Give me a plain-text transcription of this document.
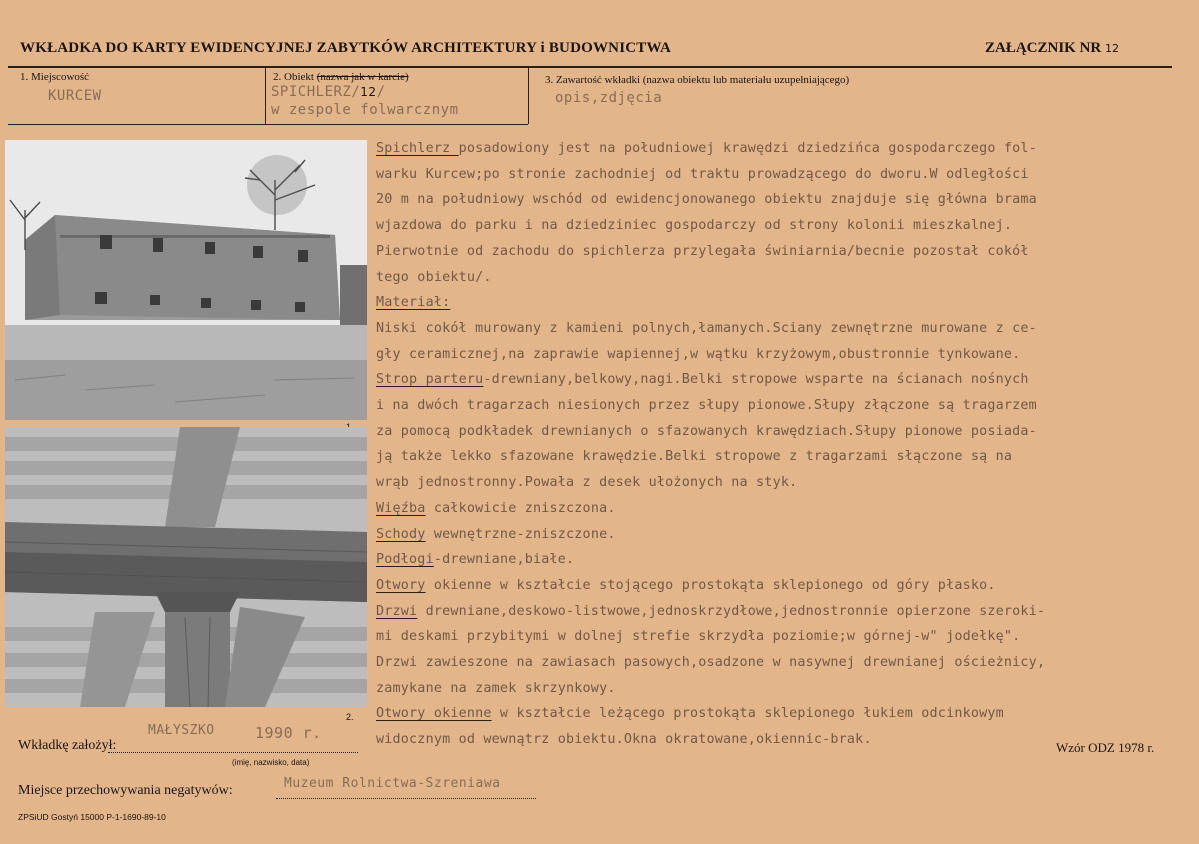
WKŁADKA DO KARTY EWIDENCYJNEJ ZABYTKÓW ARCHITEKTURY i BUDOWNICTWA	ZAŁĄCZNIK NR 12
1. Miejscowość
KURCEW
2. Obiekt (nazwa jak w karcie)
SPICHLERZ/12/
w zespole folwarcznym
3. Zawartość wkładki (nazwa obiektu lub materiału uzupełniającego)
opis,zdjęcia
2.
Spichlerz posadowiony jest na południowej krawędzi dziedzińca gospodarczego fol-
warku Kurcew;po stronie zachodniej od traktu prowadzącego do dworu.W odległości
20 m na południowy wschód od ewidencjonowanego obiektu znajduje się główna brama
wjazdowa do parku i na dziedziniec gospodarczy od strony kolonii mieszkalnej.
Pierwotnie od zachodu do spichlerza przylegała świniarnia/becnie pozostał cokół
tego obiektu/.
Materiał:
Niski cokół murowany z kamieni polnych,łamanych.Sciany zewnętrzne murowane z ce-
gły ceramicznej,na zaprawie wapiennej,w wątku krzyżowym,obustronnie tynkowane.
Strop parteru-drewniany,belkowy,nagi.Belki stropowe wsparte na ścianach nośnych
i na dwóch tragarzach niesionych przez słupy pionowe.Słupy złączone są tragarzem
za pomocą podkładek drewnianych o sfazowanych krawędziach.Słupy pionowe posiada-
ją także lekko sfazowane krawędzie.Belki stropowe z tragarzami słączone są na
wrąb jednostronny.Powała z desek ułożonych na styk.
Więźba całkowicie zniszczona.
Schody wewnętrzne-zniszczone.
Podłogi-drewniane,białe.
Otwory okienne w kształcie stojącego prostokąta sklepionego od góry płasko.
Drzwi drewniane,deskowo-listwowe,jednoskrzydłowe,jednostronnie opierzone szeroki-
mi deskami przybitymi w dolnej strefie skrzydła poziomie;w górnej-w" jodełkę".
Drzwi zawieszone na zawiasach pasowych,osadzone w nasywnej drewnianej ościeżnicy,
zamykane na zamek skrzynkowy.
Otwory okienne w kształcie leżącego prostokąta sklepionego łukiem odcinkowym
widocznym od wewnątrz obiektu.Okna okratowane,okiennic-brak.
Wkładkę założył:
MAŁYSZKO	1990 r.
(imię, nazwisko, data)
Wzór ODZ 1978 r.
Miejsce przechowywania negatywów:	Muzeum Rolnictwa-Szreniawa
ZPSiUD Gostyń 15000 P-1-1690-89-10
